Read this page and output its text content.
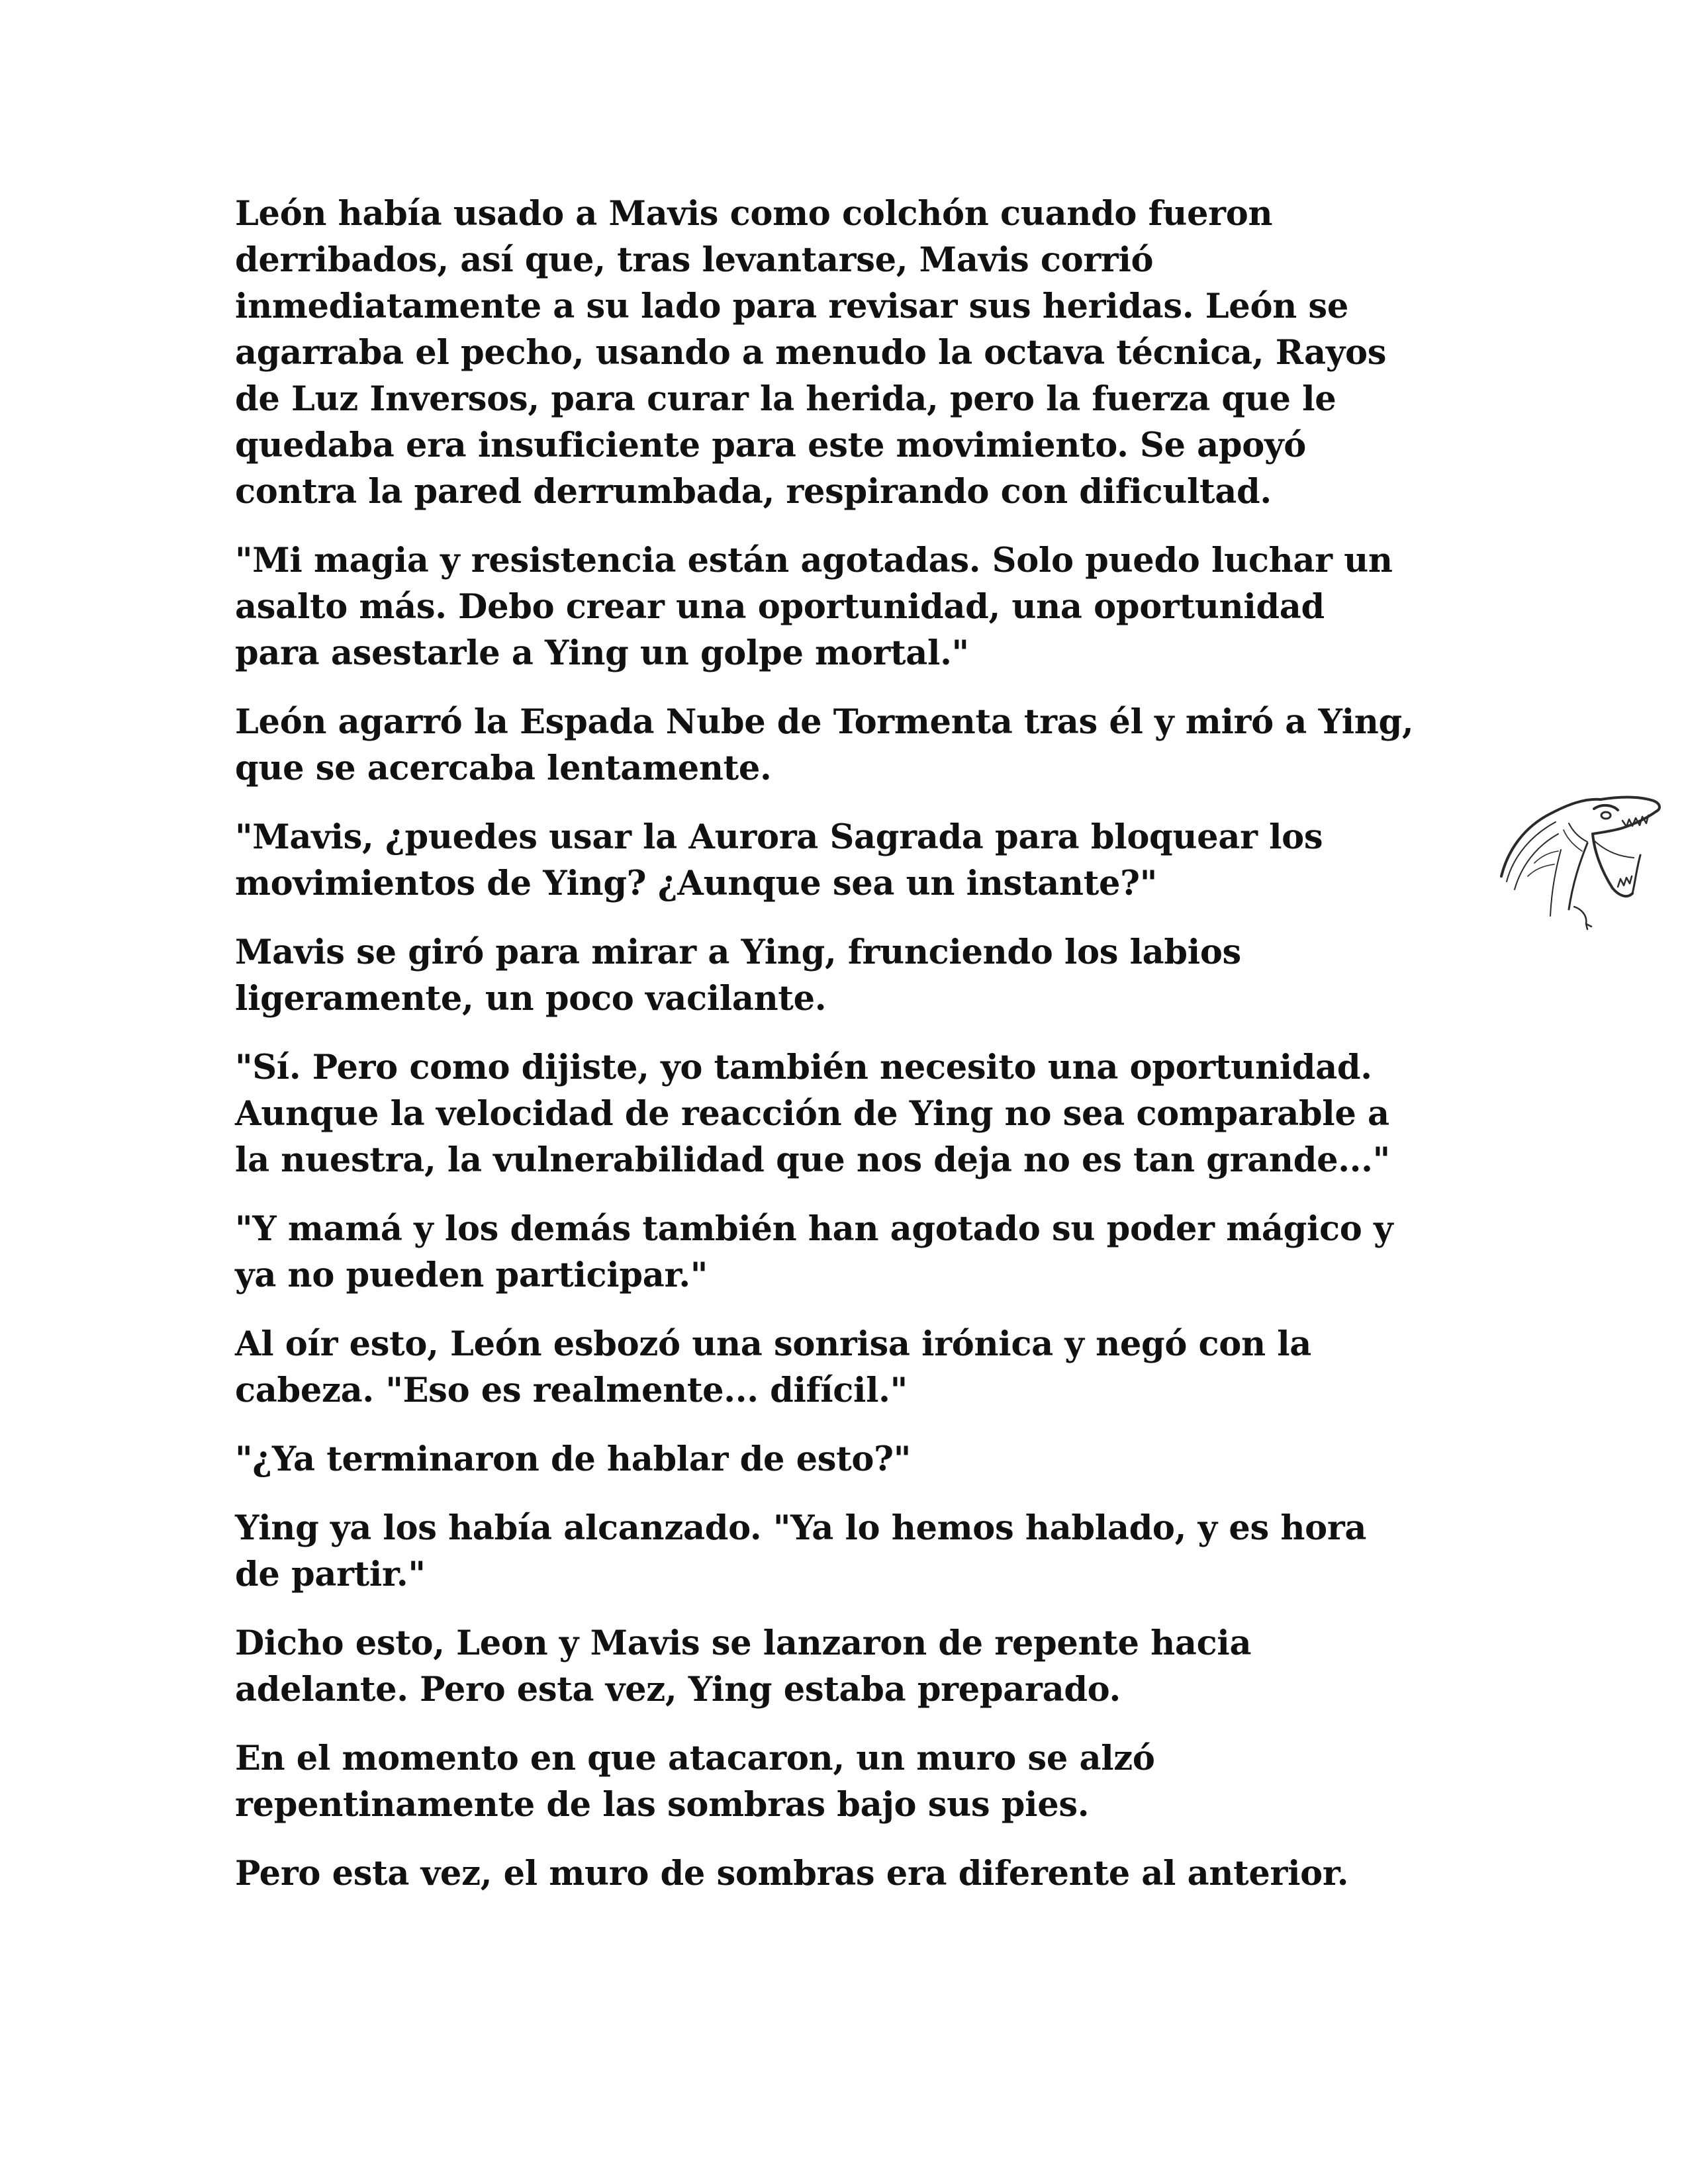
León había usado a Mavis como colchón cuando fueron
derribados, así que, tras levantarse, Mavis corrió
inmediatamente a su lado para revisar sus heridas. León se
agarraba el pecho, usando a menudo la octava técnica, Rayos
de Luz Inversos, para curar la herida, pero la fuerza que le
quedaba era insuficiente para este movimiento. Se apoyó
contra la pared derrumbada, respirando con dificultad.

"Mi magia y resistencia están agotadas. Solo puedo luchar un
asalto más. Debo crear una oportunidad, una oportunidad
para asestarle a Ying un golpe mortal."

León agarró la Espada Nube de Tormenta tras él y miró a Ying,
que se acercaba lentamente.

"Mavis, ¿puedes usar la Aurora Sagrada para bloquear los
movimientos de Ying? ¿Aunque sea un instante?"

Mavis se giró para mirar a Ying, frunciendo los labios
ligeramente, un poco vacilante.

"Sí. Pero como dijiste, yo también necesito una oportunidad.
Aunque la velocidad de reacción de Ying no sea comparable a
la nuestra, la vulnerabilidad que nos deja no es tan grande..."

"Y mamá y los demás también han agotado su poder mágico y
ya no pueden participar."

Al oír esto, León esbozó una sonrisa irónica y negó con la
cabeza. "Eso es realmente... difícil."

"¿Ya terminaron de hablar de esto?"

Ying ya los había alcanzado. "Ya lo hemos hablado, y es hora
de partir."

Dicho esto, Leon y Mavis se lanzaron de repente hacia
adelante. Pero esta vez, Ying estaba preparado.

En el momento en que atacaron, un muro se alzó
repentinamente de las sombras bajo sus pies.

Pero esta vez, el muro de sombras era diferente al anterior.
